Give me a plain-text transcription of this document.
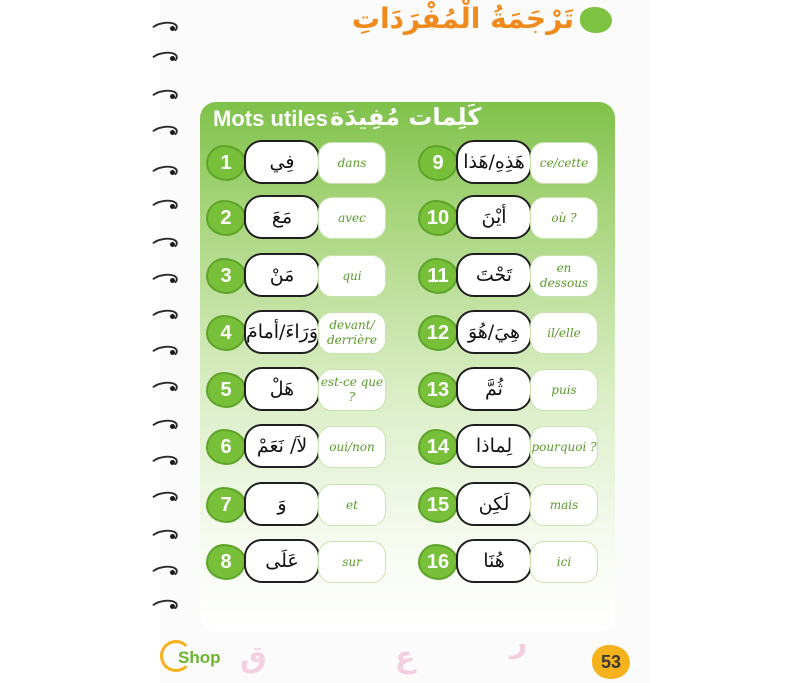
تَرْجَمَةُ الْمُفْرَدَاتِ
Mots utiles كَلِمات مُفِيدَة
ع	ر
ق
Shop	53
1	فِي	dans
2	مَعَ	avec
3	مَنْ	qui
4 وَرَاءَ/أمامَ devant/ derrière
5	هَلْ	est-ce que ?
6	لاَ/ نَعَمْ	oui/non
7	وَ	et
8	عَلَى	sur
9	هَذِهِ/هَذا	ce/cette
10	أيْنَ	où ?
11	تَحْتَ	en dessous
12 هِيَ/هُوَ	il/elle
13	ثُمَّ	puis
14	لِماذا	pourquoi ?
15	لَكِن	mais
16	هُنَا	ici
